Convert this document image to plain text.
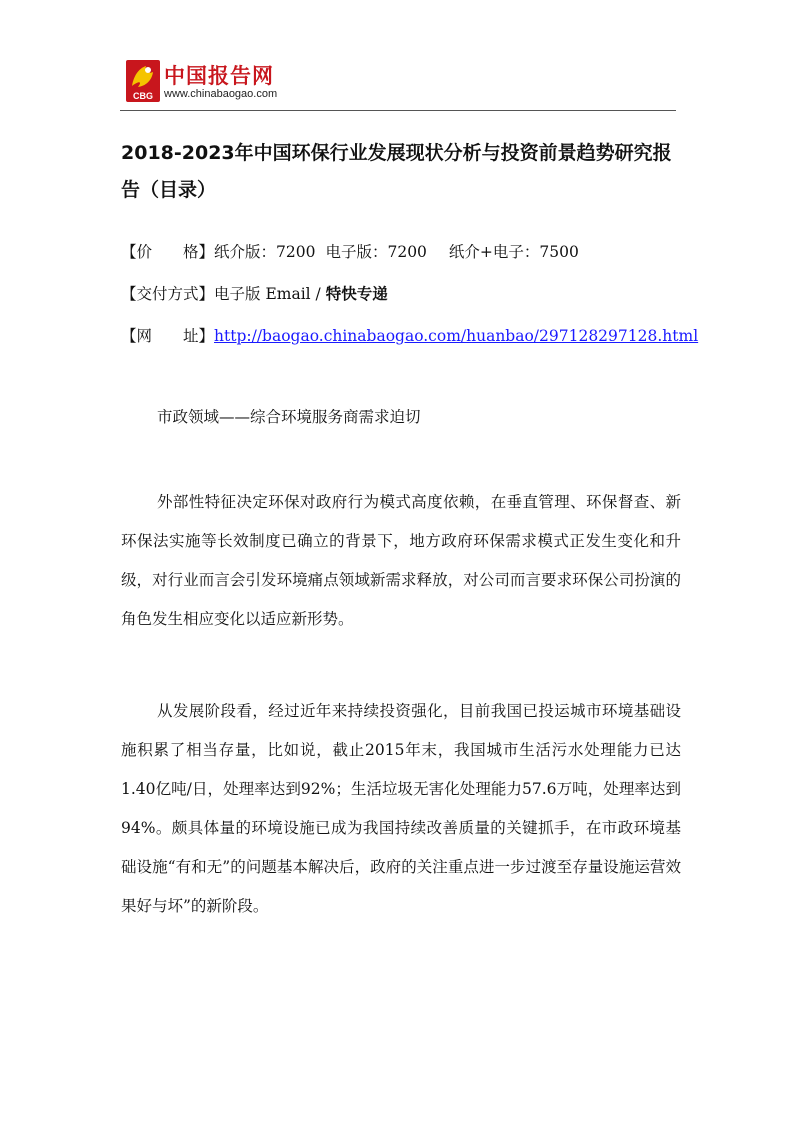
CBG
中国报告网
www.chinabaogao.com
2018-2023年中国环保行业发展现状分析与投资前景趋势研究报告（目录）
【价　　格】纸介版：7200 电子版：7200 纸介+电子：7500
【交付方式】电子版 Email / 特快专递
【网　　址】http://baogao.chinabaogao.com/huanbao/297128297128.html
市政领域——综合环境服务商需求迫切
外部性特征决定环保对政府行为模式高度依赖，在垂直管理、环保督查、新环保法实施等长效制度已确立的背景下，地方政府环保需求模式正发生变化和升级，对行业而言会引发环境痛点领域新需求释放，对公司而言要求环保公司扮演的角色发生相应变化以适应新形势。
从发展阶段看，经过近年来持续投资强化，目前我国已投运城市环境基础设施积累了相当存量，比如说，截止2015年末，我国城市生活污水处理能力已达1.40亿吨/日，处理率达到92%；生活垃圾无害化处理能力57.6万吨，处理率达到94%。颇具体量的环境设施已成为我国持续改善质量的关键抓手，在市政环境基础设施“有和无”的问题基本解决后，政府的关注重点进一步过渡至存量设施运营效果好与坏”的新阶段。
